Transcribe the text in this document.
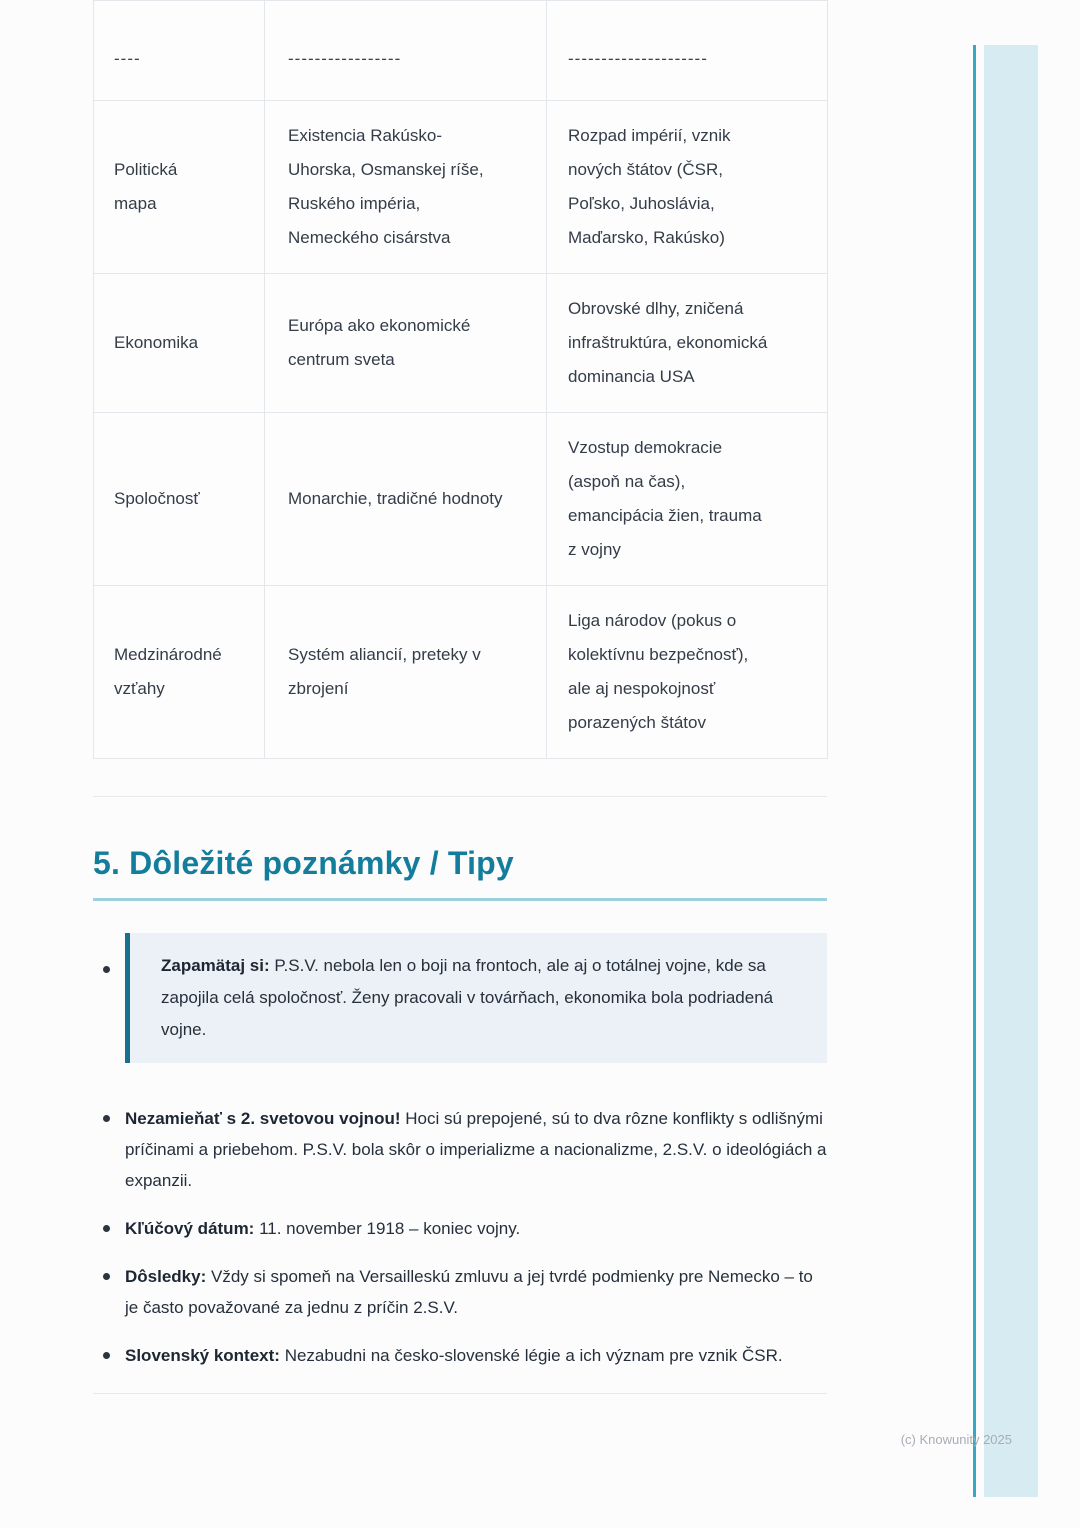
----	-----------------	---------------------
Politická mapa	Existencia Rakúsko-Uhorska, Osmanskej ríše, Ruského impéria, Nemeckého cisárstva	Rozpad impérií, vznik nových štátov (ČSR, Poľsko, Juhoslávia, Maďarsko, Rakúsko)
Ekonomika	Európa ako ekonomické centrum sveta	Obrovské dlhy, zničená infraštruktúra, ekonomická dominancia USA
Spoločnosť	Monarchie, tradičné hodnoty	Vzostup demokracie (aspoň na čas), emancipácia žien, trauma z vojny
Medzinárodné vzťahy	Systém aliancií, preteky v zbrojení	Liga národov (pokus o kolektívnu bezpečnosť), ale aj nespokojnosť porazených štátov
5. Dôležité poznámky / Tipy

Zapamätaj si: P.S.V. nebola len o boji na frontoch, ale aj o totálnej vojne, kde sa zapojila celá spoločnosť. Ženy pracovali v továrňach, ekonomika bola podriadená vojne.

Nezamieňať s 2. svetovou vojnou! Hoci sú prepojené, sú to dva rôzne konflikty s odlišnými príčinami a priebehom. P.S.V. bola skôr o imperializme a nacionalizme, 2.S.V. o ideológiách a expanzii.
Kľúčový dátum: 11. november 1918 – koniec vojny.
Dôsledky: Vždy si spomeň na Versailleskú zmluvu a jej tvrdé podmienky pre Nemecko – to je často považované za jednu z príčin 2.S.V.
Slovenský kontext: Nezabudni na česko-slovenské légie a ich význam pre vznik ČSR.
(c) Knowunity 2025
